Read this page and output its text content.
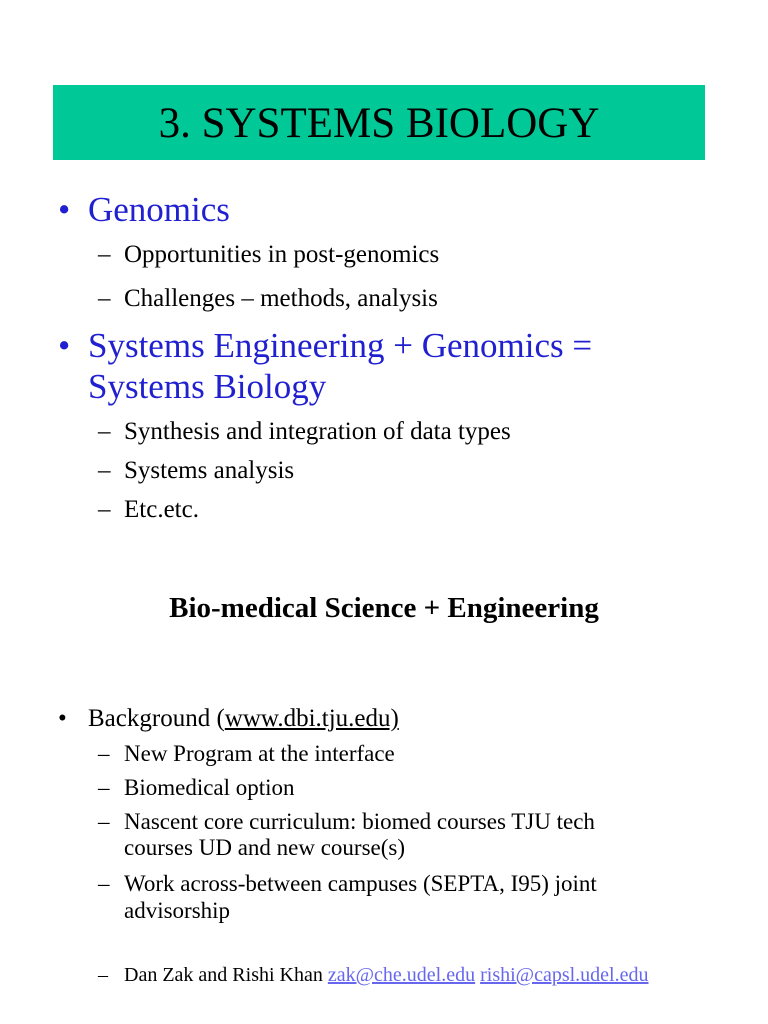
3. SYSTEMS BIOLOGY
• Genomics
– Opportunities in post-genomics
– Challenges – methods, analysis
• Systems Engineering + Genomics =
Systems Biology
– Synthesis and integration of data types
– Systems analysis
– Etc.etc.
Bio-medical Science + Engineering
• Background (www.dbi.tju.edu)
– New Program at the interface
– Biomedical option
– Nascent core curriculum: biomed courses TJU tech
courses UD and new course(s)
– Work across-between campuses (SEPTA, I95) joint
advisorship
– Dan Zak and Rishi Khan zak@che.udel.edu rishi@capsl.udel.edu
